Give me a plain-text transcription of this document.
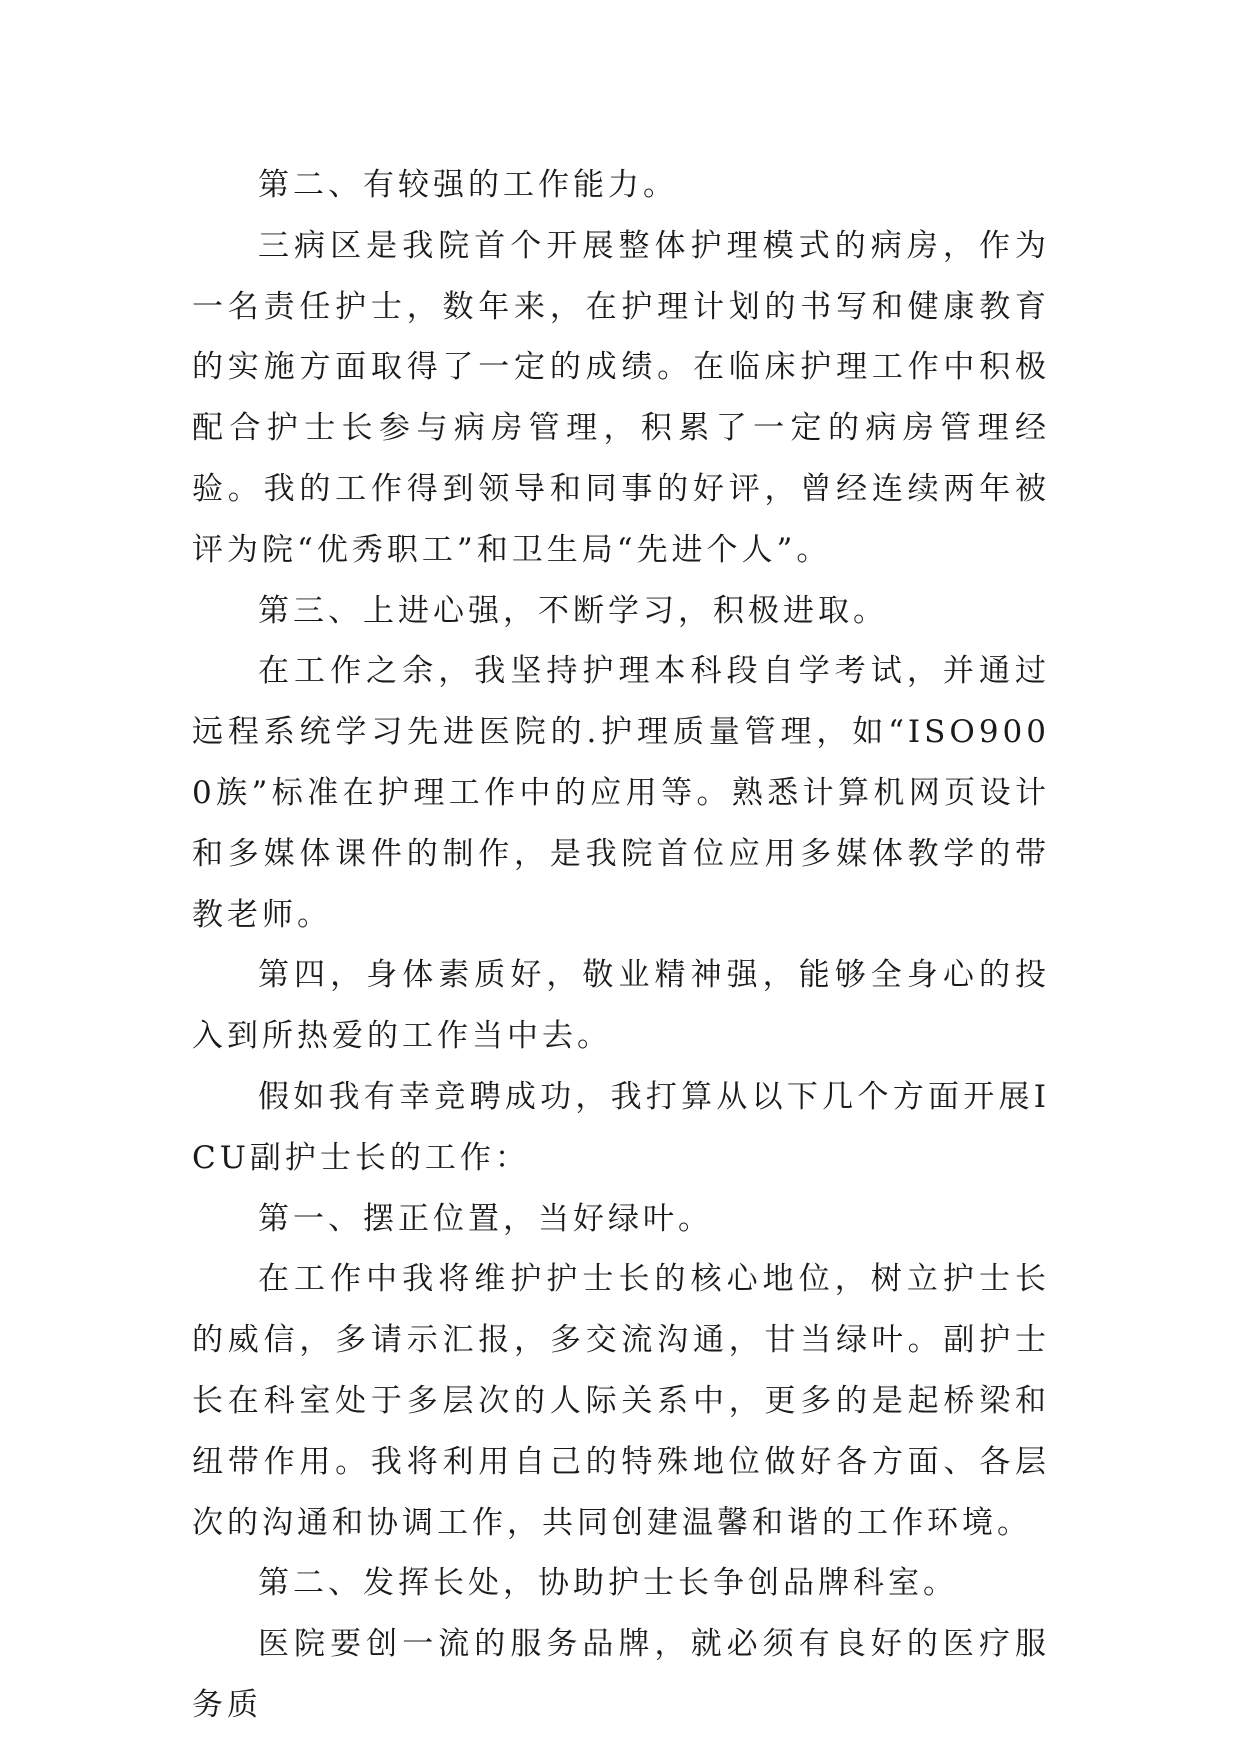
第二、有较强的工作能力。

三病区是我院首个开展整体护理模式的病房，作为一名责任护士，数年来，在护理计划的书写和健康教育的实施方面取得了一定的成绩。在临床护理工作中积极配合护士长参与病房管理，积累了一定的病房管理经验。我的工作得到领导和同事的好评，曾经连续两年被评为院“优秀职工”和卫生局“先进个人”。

第三、上进心强，不断学习，积极进取。

在工作之余，我坚持护理本科段自学考试，并通过远程系统学习先进医院的.护理质量管理，如“ISO9000族”标准在护理工作中的应用等。熟悉计算机网页设计和多媒体课件的制作，是我院首位应用多媒体教学的带教老师。

第四，身体素质好，敬业精神强，能够全身心的投入到所热爱的工作当中去。

假如我有幸竞聘成功，我打算从以下几个方面开展ICU副护士长的工作：

第一、摆正位置，当好绿叶。

在工作中我将维护护士长的核心地位，树立护士长的威信，多请示汇报，多交流沟通，甘当绿叶。副护士长在科室处于多层次的人际关系中，更多的是起桥梁和纽带作用。我将利用自己的特殊地位做好各方面、各层次的沟通和协调工作，共同创建温馨和谐的工作环境。

第二、发挥长处，协助护士长争创品牌科室。

医院要创一流的服务品牌，就必须有良好的医疗服务质
